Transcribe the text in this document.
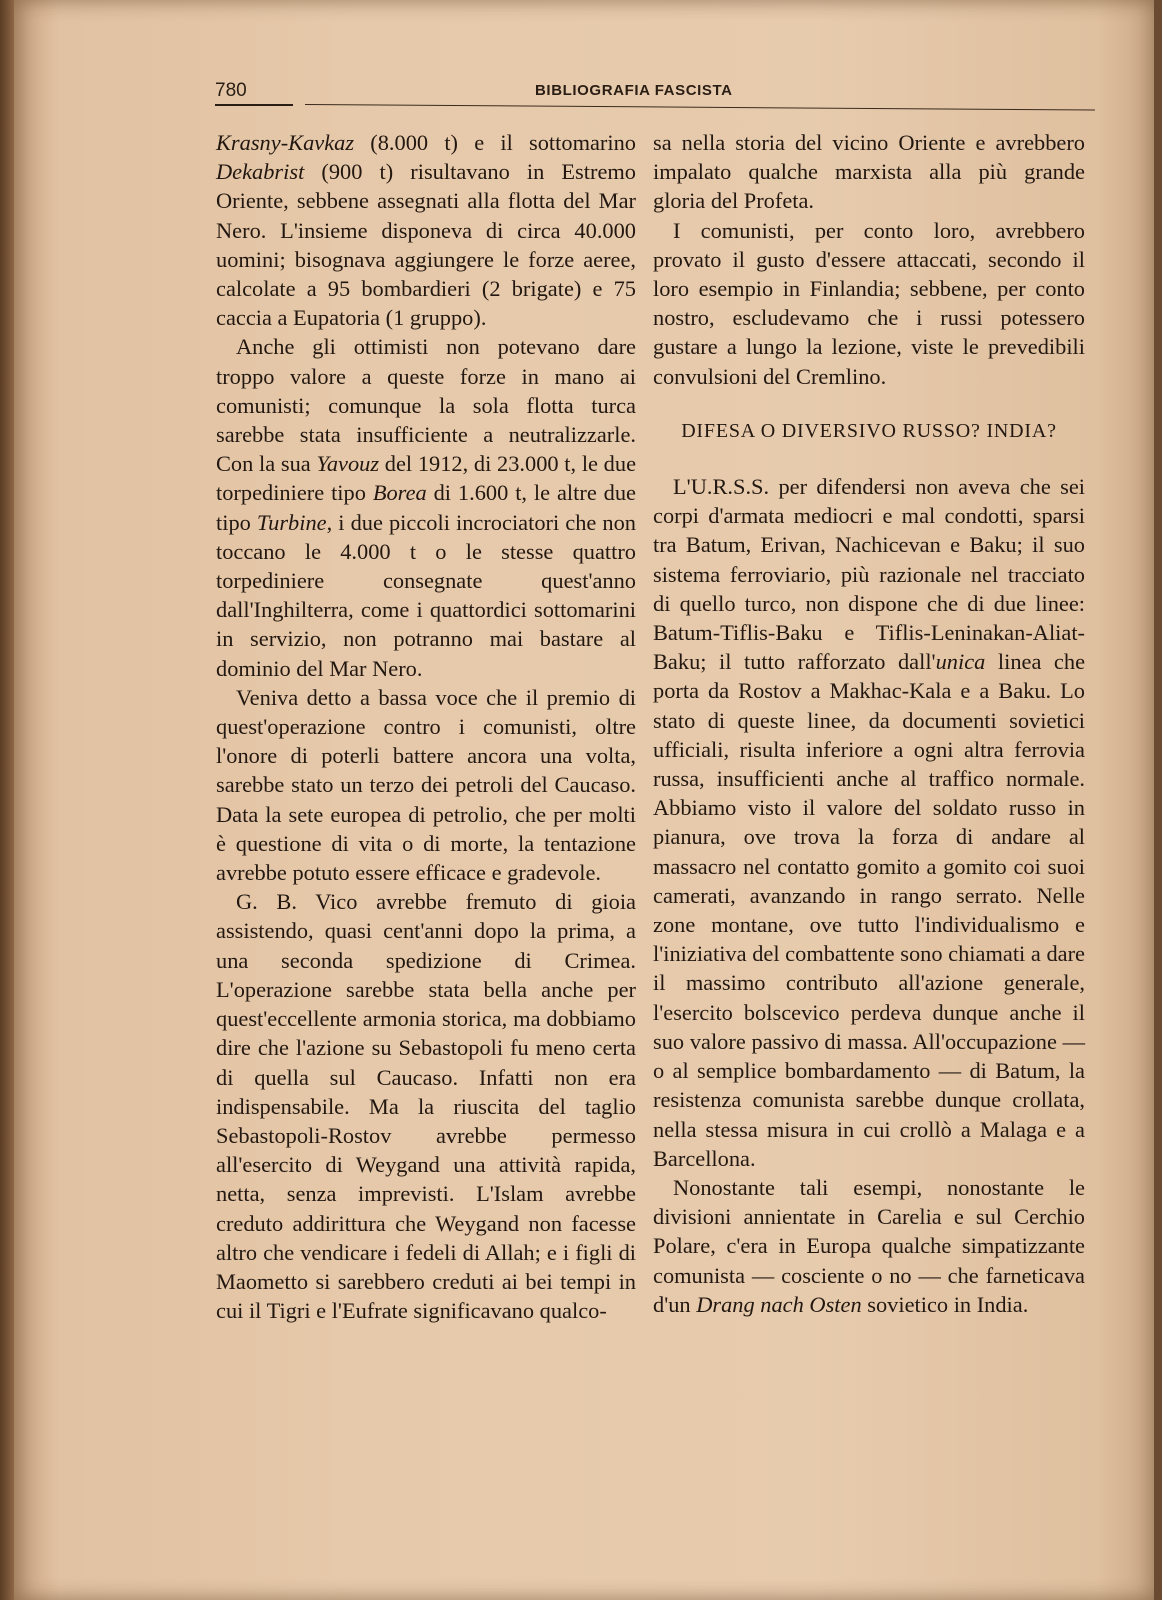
780	BIBLIOGRAFIA FASCISTA

Krasny-Kavkaz (8.000 t) e il sottomarino Dekabrist (900 t) risultavano in Estremo Oriente, sebbene assegnati alla flotta del Mar Nero. L'insieme disponeva di circa 40.000 uomini; bisognava aggiungere le forze aeree, calcolate a 95 bombardieri (2 brigate) e 75 caccia a Eupatoria (1 gruppo).

Anche gli ottimisti non potevano dare troppo valore a queste forze in mano ai comunisti; comunque la sola flotta turca sarebbe stata insufficiente a neutralizzarle. Con la sua Yavouz del 1912, di 23.000 t, le due torpediniere tipo Borea di 1.600 t, le altre due tipo Turbine, i due piccoli incrociatori che non toccano le 4.000 t o le stesse quattro torpediniere consegnate quest'anno dall'Inghilterra, come i quattordici sottomarini in servizio, non potranno mai bastare al dominio del Mar Nero.

Veniva detto a bassa voce che il premio di quest'operazione contro i comunisti, oltre l'onore di poterli battere ancora una volta, sarebbe stato un terzo dei petroli del Caucaso. Data la sete europea di petrolio, che per molti è questione di vita o di morte, la tentazione avrebbe potuto essere efficace e gradevole.

G. B. Vico avrebbe fremuto di gioia assistendo, quasi cent'anni dopo la prima, a una seconda spedizione di Crimea. L'operazione sarebbe stata bella anche per quest'eccellente armonia storica, ma dobbiamo dire che l'azione su Sebastopoli fu meno certa di quella sul Caucaso. Infatti non era indispensabile. Ma la riuscita del taglio Sebastopoli-Rostov avrebbe permesso all'esercito di Weygand una attività rapida, netta, senza imprevisti. L'Islam avrebbe creduto addirittura che Weygand non facesse altro che vendicare i fedeli di Allah; e i figli di Maometto si sarebbero creduti ai bei tempi in cui il Tigri e l'Eufrate significavano qualco-

sa nella storia del vicino Oriente e avrebbero impalato qualche marxista alla più grande gloria del Profeta.

I comunisti, per conto loro, avrebbero provato il gusto d'essere attaccati, secondo il loro esempio in Finlandia; sebbene, per conto nostro, escludevamo che i russi potessero gustare a lungo la lezione, viste le prevedibili convulsioni del Cremlino.

DIFESA O DIVERSIVO RUSSO? INDIA?

L'U.R.S.S. per difendersi non aveva che sei corpi d'armata mediocri e mal condotti, sparsi tra Batum, Erivan, Nachicevan e Baku; il suo sistema ferroviario, più razionale nel tracciato di quello turco, non dispone che di due linee: Batum-Tiflis-Baku e Tiflis-Leninakan-Aliat-Baku; il tutto rafforzato dall'unica linea che porta da Rostov a Makhac-Kala e a Baku. Lo stato di queste linee, da documenti sovietici ufficiali, risulta inferiore a ogni altra ferrovia russa, insufficienti anche al traffico normale. Abbiamo visto il valore del soldato russo in pianura, ove trova la forza di andare al massacro nel contatto gomito a gomito coi suoi camerati, avanzando in rango serrato. Nelle zone montane, ove tutto l'individualismo e l'iniziativa del combattente sono chiamati a dare il massimo contributo all'azione generale, l'esercito bolscevico perdeva dunque anche il suo valore passivo di massa. All'occupazione — o al semplice bombardamento — di Batum, la resistenza comunista sarebbe dunque crollata, nella stessa misura in cui crollò a Malaga e a Barcellona.

Nonostante tali esempi, nonostante le divisioni annientate in Carelia e sul Cerchio Polare, c'era in Europa qualche simpatizzante comunista — cosciente o no — che farneticava d'un Drang nach Osten sovietico in India.
